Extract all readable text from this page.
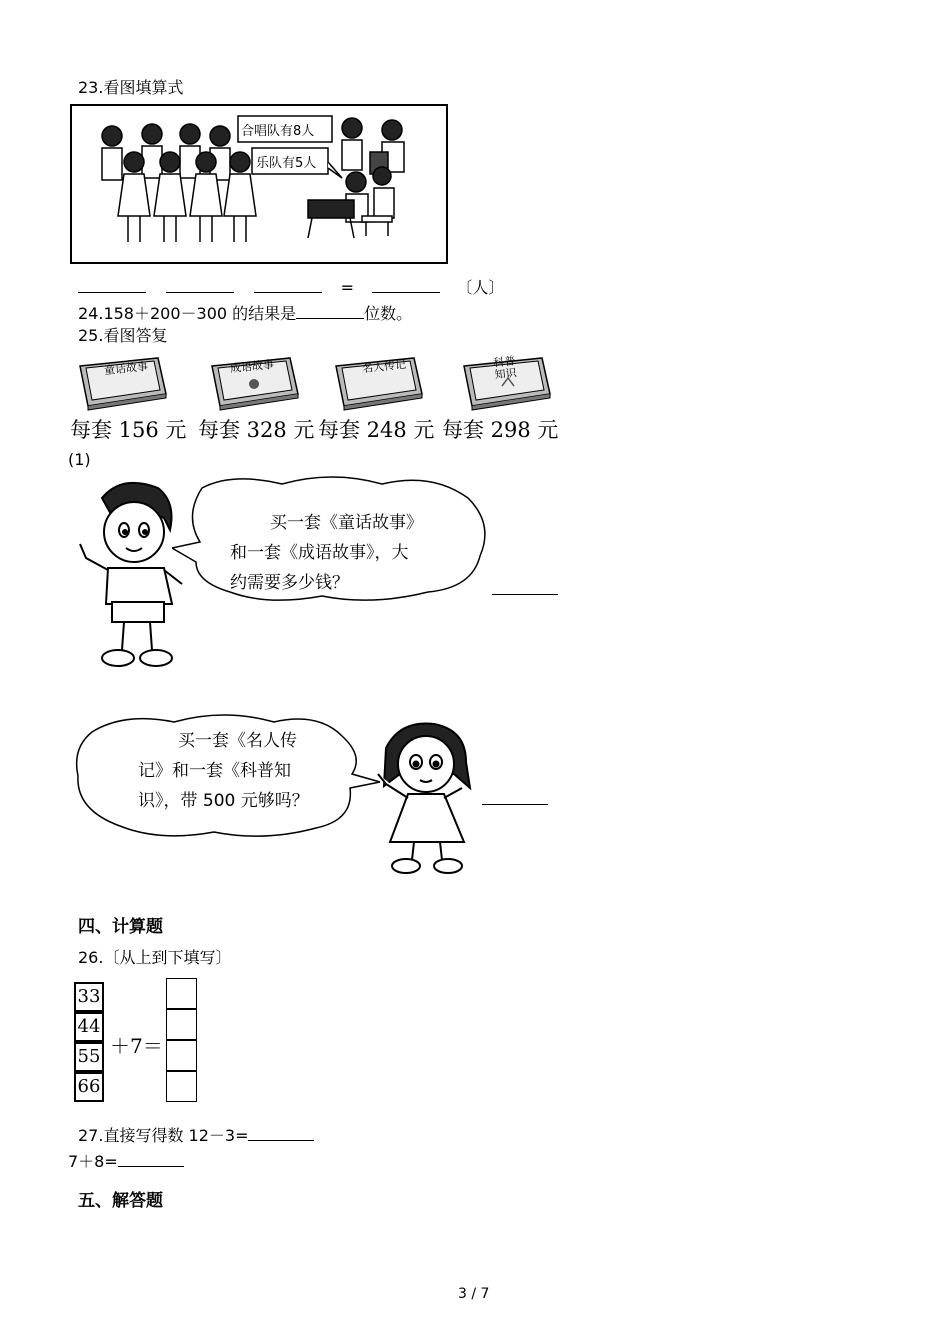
23.看图填算式
合唱队有8人
乐队有5人
=	〔人〕
24.158＋200－300 的结果是	位数。
25.看图答复
童话故事	成语故事	名人传记	科普知识
每套 156 元 每套 328 元 每套 248 元 每套 298 元
(1)
买一套《童话故事》
和一套《成语故事》，大
约需要多少钱？
买一套《名人传
记》和一套《科普知
识》，带 500 元够吗？
四、计算题
26.〔从上到下填写〕
33
44
55
66
＋7＝
27.直接写得数 12－3=
7＋8=
五、解答题
3 / 7
